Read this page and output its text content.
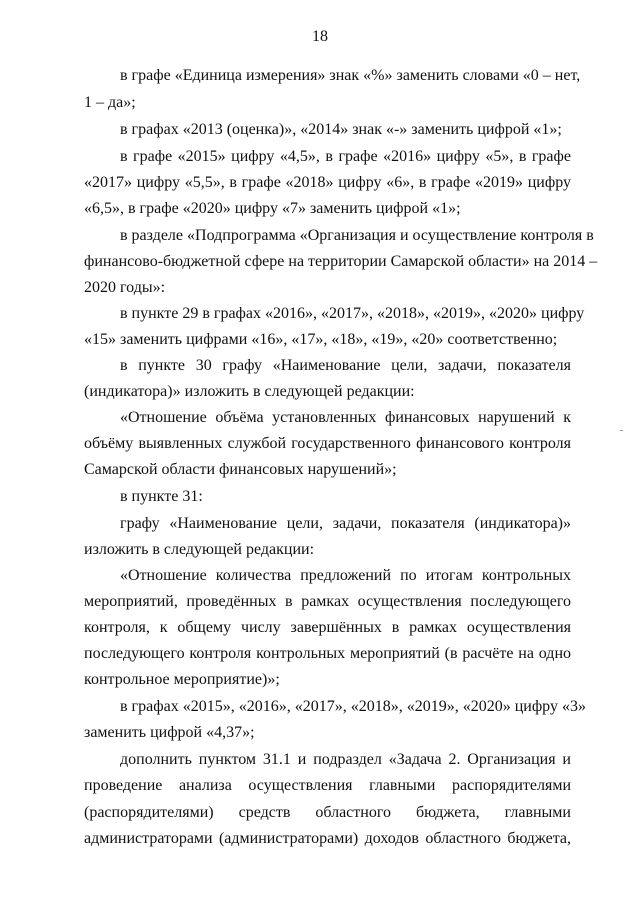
18
в графе «Единица измерения» знак «%» заменить словами «0 – нет,
1 – да»;
в графах «2013 (оценка)», «2014» знак «-» заменить цифрой «1»;
в графе «2015» цифру «4,5», в графе «2016» цифру «5», в графе
«2017» цифру «5,5», в графе «2018» цифру «6», в графе «2019» цифру
«6,5», в графе «2020» цифру «7» заменить цифрой «1»;
в разделе «Подпрограмма «Организация и осуществление контроля в
финансово-бюджетной сфере на территории Самарской области» на 2014 –
2020 годы»:
в пункте 29 в графах «2016», «2017», «2018», «2019», «2020» цифру
«15» заменить цифрами «16», «17», «18», «19», «20» соответственно;
в пункте 30 графу «Наименование цели, задачи, показателя
(индикатора)» изложить в следующей редакции:
«Отношение объёма установленных финансовых нарушений к
объёму выявленных службой государственного финансового контроля
Самарской области финансовых нарушений»;
в пункте 31:
графу «Наименование цели, задачи, показателя (индикатора)»
изложить в следующей редакции:
«Отношение количества предложений по итогам контрольных
мероприятий, проведённых в рамках осуществления последующего
контроля, к общему числу завершённых в рамках осуществления
последующего контроля контрольных мероприятий (в расчёте на одно
контрольное мероприятие)»;
в графах «2015», «2016», «2017», «2018», «2019», «2020» цифру «3»
заменить цифрой «4,37»;
дополнить пунктом 31.1 и подраздел «Задача 2. Организация и
проведение анализа осуществления главными распорядителями
(распорядителями) средств областного бюджета, главными
администраторами (администраторами) доходов областного бюджета,
